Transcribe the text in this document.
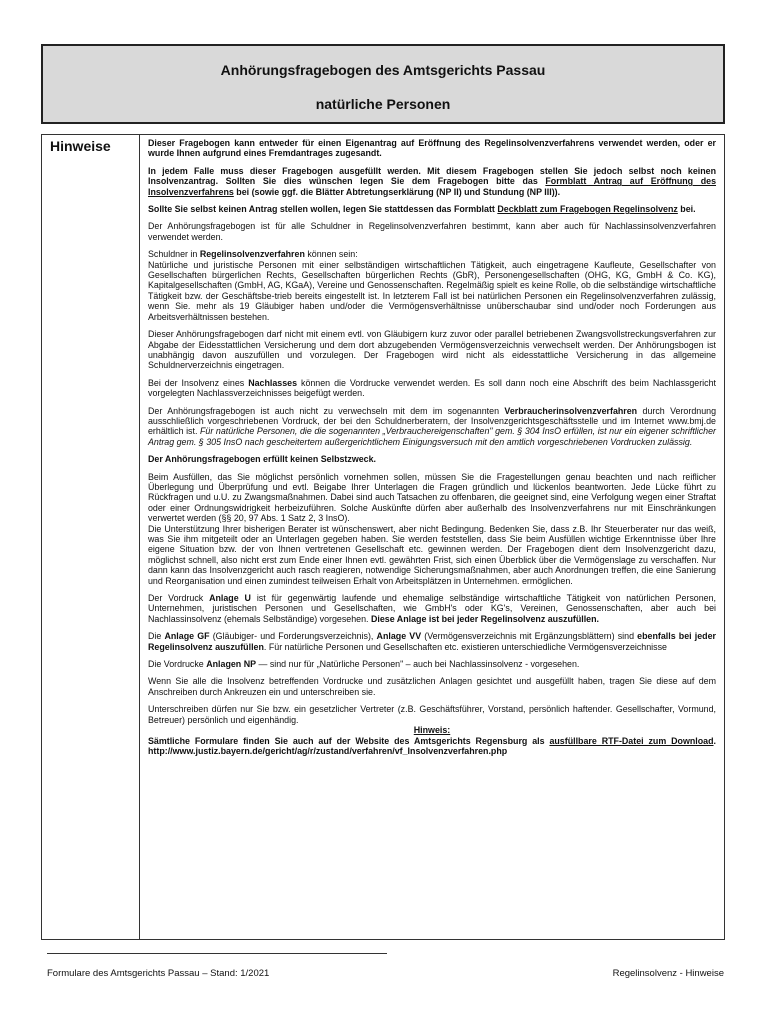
Anhörungsfragebogen des Amtsgerichts Passau
natürliche Personen
Hinweise	Dieser Fragebogen kann entweder für einen Eigenantrag auf Eröffnung des Regelinsolvenzverfahrens verwendet werden, oder er wurde Ihnen aufgrund eines Fremdantrages zugesandt.

In jedem Falle muss dieser Fragebogen ausgefüllt werden. Mit diesem Fragebogen stellen Sie jedoch selbst noch keinen Insolvenzantrag. Sollten Sie dies wünschen legen Sie dem Fragebogen bitte das Formblatt Antrag auf Eröffnung des Insolvenzverfahrens bei (sowie ggf. die Blätter Abtretungserklärung (NP II) und Stundung (NP III)).

Sollte Sie selbst keinen Antrag stellen wollen, legen Sie stattdessen das Formblatt Deckblatt zum Fragebogen Regelinsolvenz bei.

Der Anhörungsfragebogen ist für alle Schuldner in Regelinsolvenzverfahren bestimmt, kann aber auch für Nachlassinsolvenzverfahren verwendet werden.

Schuldner in Regelinsolvenzverfahren können sein:
Natürliche und juristische Personen mit einer selbständigen wirtschaftlichen Tätigkeit, auch eingetragene Kaufleute, Gesellschafter von Gesellschaften bürgerlichen Rechts, Gesellschaften bürgerlichen Rechts (GbR), Personengesellschaften (OHG, KG, GmbH & Co. KG), Kapitalgesellschaften (GmbH, AG, KGaA), Vereine und Genossenschaften. Regelmäßig spielt es keine Rolle, ob die selbständige wirtschaftliche Tätigkeit bzw. der Geschäftsbe-trieb bereits eingestellt ist. In letzterem Fall ist bei natürlichen Personen ein Regelinsolvenzverfahren zulässig, wenn Sie. mehr als 19 Gläubiger haben und/oder die Vermögensverhältnisse unüberschaubar sind und/oder noch Forderungen aus Arbeitsverhältnissen bestehen.

Dieser Anhörungsfragebogen darf nicht mit einem evtl. von Gläubigern kurz zuvor oder parallel betriebenen Zwangsvollstreckungsverfahren zur Abgabe der Eidesstattlichen Versicherung und dem dort abzugebenden Vermögensverzeichnis verwechselt werden. Der Anhörungsbogen ist unabhängig davon auszufüllen und vorzulegen. Der Fragebogen wird nicht als eidesstattliche Versicherung in das allgemeine Schuldnerverzeichnis eingetragen.

Bei der Insolvenz eines Nachlasses können die Vordrucke verwendet werden. Es soll dann noch eine Abschrift des beim Nachlassgericht vorgelegten Nachlassverzeichnisses beigefügt werden.

Der Anhörungsfragebogen ist auch nicht zu verwechseln mit dem im sogenannten Verbraucherinsolvenzverfahren durch Verordnung ausschließlich vorgeschriebenen Vordruck, der bei den Schuldnerberatern, der Insolvenzgerichtsgeschäftsstelle und im Internet www.bmj.de erhältlich ist. Für natürliche Personen, die die sogenannten „Verbrauchereigenschaften" gem. § 304 InsO erfüllen, ist nur ein eigener schriftlicher Antrag gem. § 305 InsO nach gescheitertem außergerichtlichem Einigungsversuch mit den amtlich vorgeschriebenen Vordrucken zulässig.

Der Anhörungsfragebogen erfüllt keinen Selbstzweck.

Beim Ausfüllen, das Sie möglichst persönlich vornehmen sollen, müssen Sie die Fragestellungen genau beachten und nach reiflicher Überlegung und Überprüfung und evtl. Beigabe Ihrer Unterlagen die Fragen gründlich und lückenlos beantworten. Jede Lücke führt zu Rückfragen und u.U. zu Zwangsmaßnahmen. Dabei sind auch Tatsachen zu offenbaren, die geeignet sind, eine Verfolgung wegen einer Straftat oder einer Ordnungswidrigkeit herbeizuführen. Solche Auskünfte dürfen aber außerhalb des Insolvenzverfahrens nur mit Einschränkungen verwertet werden (§§ 20, 97 Abs. 1 Satz 2, 3 InsO).
Die Unterstützung Ihrer bisherigen Berater ist wünschenswert, aber nicht Bedingung. Bedenken Sie, dass z.B. Ihr Steuerberater nur das weiß, was Sie ihm mitgeteilt oder an Unterlagen gegeben haben. Sie werden feststellen, dass Sie beim Ausfüllen wichtige Erkenntnisse über Ihre eigene Situation bzw. der von Ihnen vertretenen Gesellschaft etc. gewinnen werden. Der Fragebogen dient dem Insolvenzgericht dazu, möglichst schnell, also nicht erst zum Ende einer Ihnen evtl. gewährten Frist, sich einen Überblick über die Vermögenslage zu verschaffen. Nur dann kann das Insolvenzgericht auch rasch reagieren, notwendige Sicherungsmaßnahmen, aber auch Anordnungen treffen, die eine Sanierung und Reorganisation und einen zumindest teilweisen Erhalt von Arbeitsplätzen in Unternehmen. ermöglichen.

Der Vordruck Anlage U ist für gegenwärtig laufende und ehemalige selbständige wirtschaftliche Tätigkeit von natürlichen Personen, Unternehmen, juristischen Personen und Gesellschaften, wie GmbH's oder KG's, Vereinen, Genossenschaften, aber auch bei Nachlassinsolvenz (ehemals Selbständige) vorgesehen. Diese Anlage ist bei jeder Regelinsolvenz auszufüllen.

Die Anlage GF (Gläubiger- und Forderungsverzeichnis), Anlage VV (Vermögensverzeichnis mit Ergänzungsblättern) sind ebenfalls bei jeder Regelinsolvenz auszufüllen. Für natürliche Personen und Gesellschaften etc. existieren unterschiedliche Vermögensverzeichnisse

Die Vordrucke Anlagen NP — sind nur für „Natürliche Personen" – auch bei Nachlassinsolvenz - vorgesehen.

Wenn Sie alle die Insolvenz betreffenden Vordrucke und zusätzlichen Anlagen gesichtet und ausgefüllt haben, tragen Sie diese auf dem Anschreiben durch Ankreuzen ein und unterschreiben sie.

Unterschreiben dürfen nur Sie bzw. ein gesetzlicher Vertreter (z.B. Geschäftsführer, Vorstand, persönlich haftender. Gesellschafter, Vormund, Betreuer) persönlich und eigenhändig.

Hinweis:

Sämtliche Formulare finden Sie auch auf der Website des Amtsgerichts Regensburg als ausfüllbare RTF-Datei zum Download. http://www.justiz.bayern.de/gericht/ag/r/zustand/verfahren/vf_Insolvenzverfahren.php

Formulare des Amtsgerichts Passau – Stand: 1/2021	Regelinsolvenz - Hinweise
